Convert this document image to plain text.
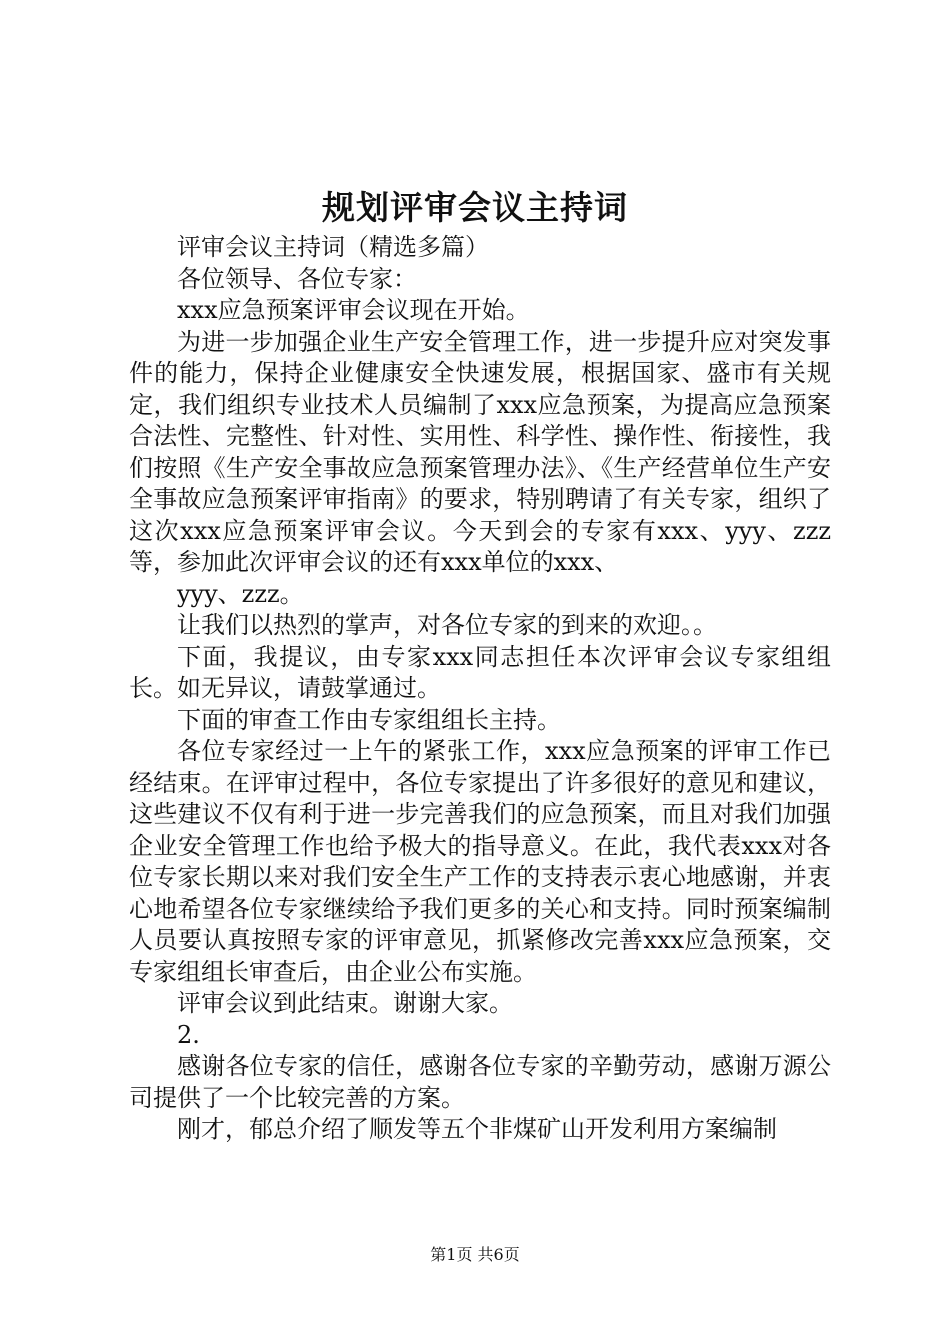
规划评审会议主持词

评审会议主持词（精选多篇）

各位领导、各位专家：

xxx应急预案评审会议现在开始。

为进一步加强企业生产安全管理工作，进一步提升应对突发事件的能力，保持企业健康安全快速发展，根据国家、盛市有关规定，我们组织专业技术人员编制了xxx应急预案，为提高应急预案合法性、完整性、针对性、实用性、科学性、操作性、衔接性，我们按照《生产安全事故应急预案管理办法》、《生产经营单位生产安全事故应急预案评审指南》的要求，特别聘请了有关专家，组织了这次xxx应急预案评审会议。今天到会的专家有xxx、yyy、zzz等，参加此次评审会议的还有xxx单位的xxx、

yyy、zzz。

让我们以热烈的掌声，对各位专家的到来的欢迎。。

下面，我提议，由专家xxx同志担任本次评审会议专家组组长。如无异议，请鼓掌通过。

下面的审查工作由专家组组长主持。

各位专家经过一上午的紧张工作，xxx应急预案的评审工作已经结束。在评审过程中，各位专家提出了许多很好的意见和建议，这些建议不仅有利于进一步完善我们的应急预案，而且对我们加强企业安全管理工作也给予极大的指导意义。在此，我代表xxx对各位专家长期以来对我们安全生产工作的支持表示衷心地感谢，并衷心地希望各位专家继续给予我们更多的关心和支持。同时预案编制人员要认真按照专家的评审意见，抓紧修改完善xxx应急预案，交专家组组长审查后，由企业公布实施。

评审会议到此结束。谢谢大家。

2.

感谢各位专家的信任，感谢各位专家的辛勤劳动，感谢万源公司提供了一个比较完善的方案。

刚才，郁总介绍了顺发等五个非煤矿山开发利用方案编制

第1页 共6页
